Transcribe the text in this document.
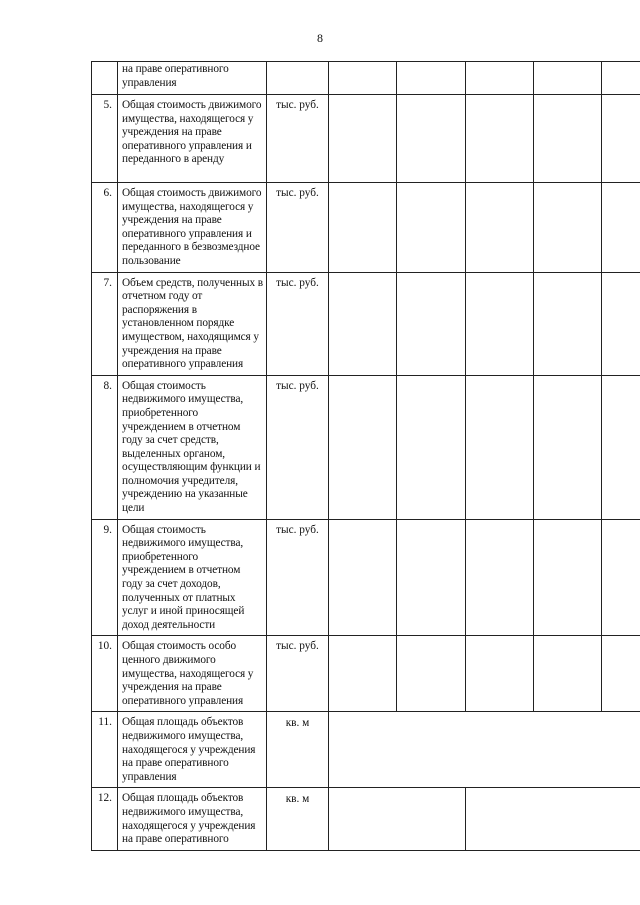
8
	на праве оперативного управления						
5.	Общая стоимость движимого имущества, находящегося у учреждения на праве оперативного управления и переданного в аренду	тыс. руб.					
6.	Общая стоимость движимого имущества, находящегося у учреждения на праве оперативного управления и переданного в безвозмездное пользование	тыс. руб.					
7.	Объем средств, полученных в отчетном году от распоряжения в установленном порядке имуществом, находящимся у учреждения на праве оперативного управления	тыс. руб.					
8.	Общая стоимость недвижимого имущества, приобретенного учреждением в отчетном году за счет средств, выделенных органом, осуществляющим функции и полномочия учредителя, учреждению на указанные цели	тыс. руб.					
9.	Общая стоимость недвижимого имущества, приобретенного учреждением в отчетном году за счет доходов, полученных от платных услуг и иной приносящей доход деятельности	тыс. руб.					
10.	Общая стоимость особо ценного движимого имущества, находящегося у учреждения на праве оперативного управления	тыс. руб.					
11.	Общая площадь объектов недвижимого имущества, находящегося у учреждения на праве оперативного управления	кв. м					
12.	Общая площадь объектов недвижимого имущества, находящегося у учреждения на праве оперативного	кв. м					
